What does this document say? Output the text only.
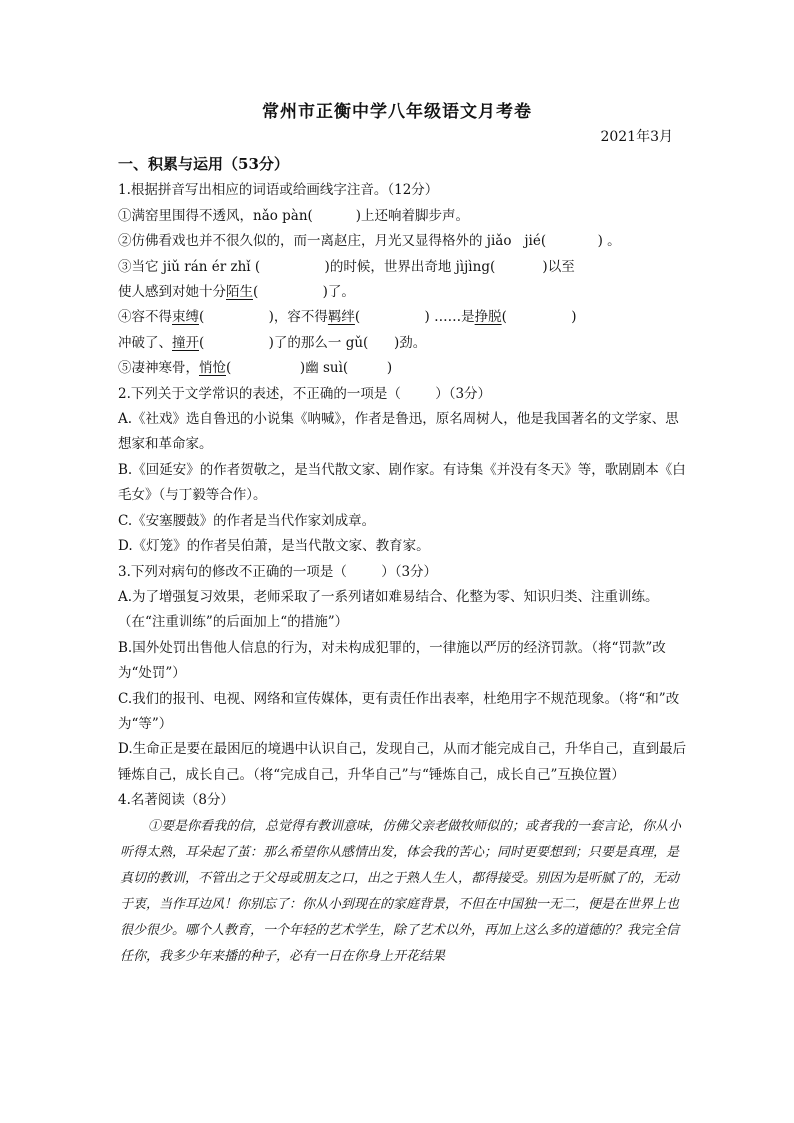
常州市正衡中学八年级语文月考卷
2021年3月
一、积累与运用（53分）
1.根据拼音写出相应的词语或给画线字注音。（12分）
①满窑里围得不透风，nǎo pàn(          )上还响着脚步声。
②仿佛看戏也并不很久似的，而一离赵庄，月光又显得格外的 jiǎo   jié(            ) 。
③当它 jiǔ rán ér zhǐ (               )的时候，世界出奇地 jìjìng(           )以至
使人感到对她十分陌生(               )了。
④容不得束缚(               )，容不得羁绊(               ) ……是挣脱(               )
冲破了、撞开(               )了的那么一 gǔ(      )劲。
⑤凄神寒骨，悄怆(                )幽 suì(         )
2.下列关于文学常识的表述，不正确的一项是（        ）（3分）
A.《社戏》选自鲁迅的小说集《呐喊》，作者是鲁迅，原名周树人，他是我国著名的文学家、思想家和革命家。
B.《回延安》的作者贺敬之，是当代散文家、剧作家。有诗集《并没有冬天》等，歌剧剧本《白毛女》（与丁毅等合作）。
C.《安塞腰鼓》的作者是当代作家刘成章。
D.《灯笼》的作者吴伯萧，是当代散文家、教育家。
3.下列对病句的修改不正确的一项是（        ）（3分）
A.为了增强复习效果，老师采取了一系列诸如难易结合、化整为零、知识归类、注重训练。（在“注重训练”的后面加上“的措施”）
B.国外处罚出售他人信息的行为，对未构成犯罪的，一律施以严厉的经济罚款。（将“罚款”改为“处罚”）
C.我们的报刊、电视、网络和宣传媒体，更有责任作出表率，杜绝用字不规范现象。（将“和”改为“等”）
D.生命正是要在最困厄的境遇中认识自己，发现自己，从而才能完成自己，升华自己，直到最后锤炼自己，成长自己。（将“完成自己，升华自己”与“锤炼自己，成长自己”互换位置）
4.名著阅读（8分）
①要是你看我的信，总觉得有教训意味，仿佛父亲老做牧师似的；或者我的一套言论，你从小听得太熟，耳朵起了茧：那么希望你从感情出发，体会我的苦心；同时更要想到；只要是真理，是真切的教训，不管出之于父母或朋友之口，出之于熟人生人，都得接受。别因为是听腻了的，无动于衷，当作耳边风！你别忘了：你从小到现在的家庭背景，不但在中国独一无二，便是在世界上也很少很少。哪个人教育，一个年轻的艺术学生，除了艺术以外，再加上这么多的道德的？我完全信任你，我多少年来播的种子，必有一日在你身上开花结果
